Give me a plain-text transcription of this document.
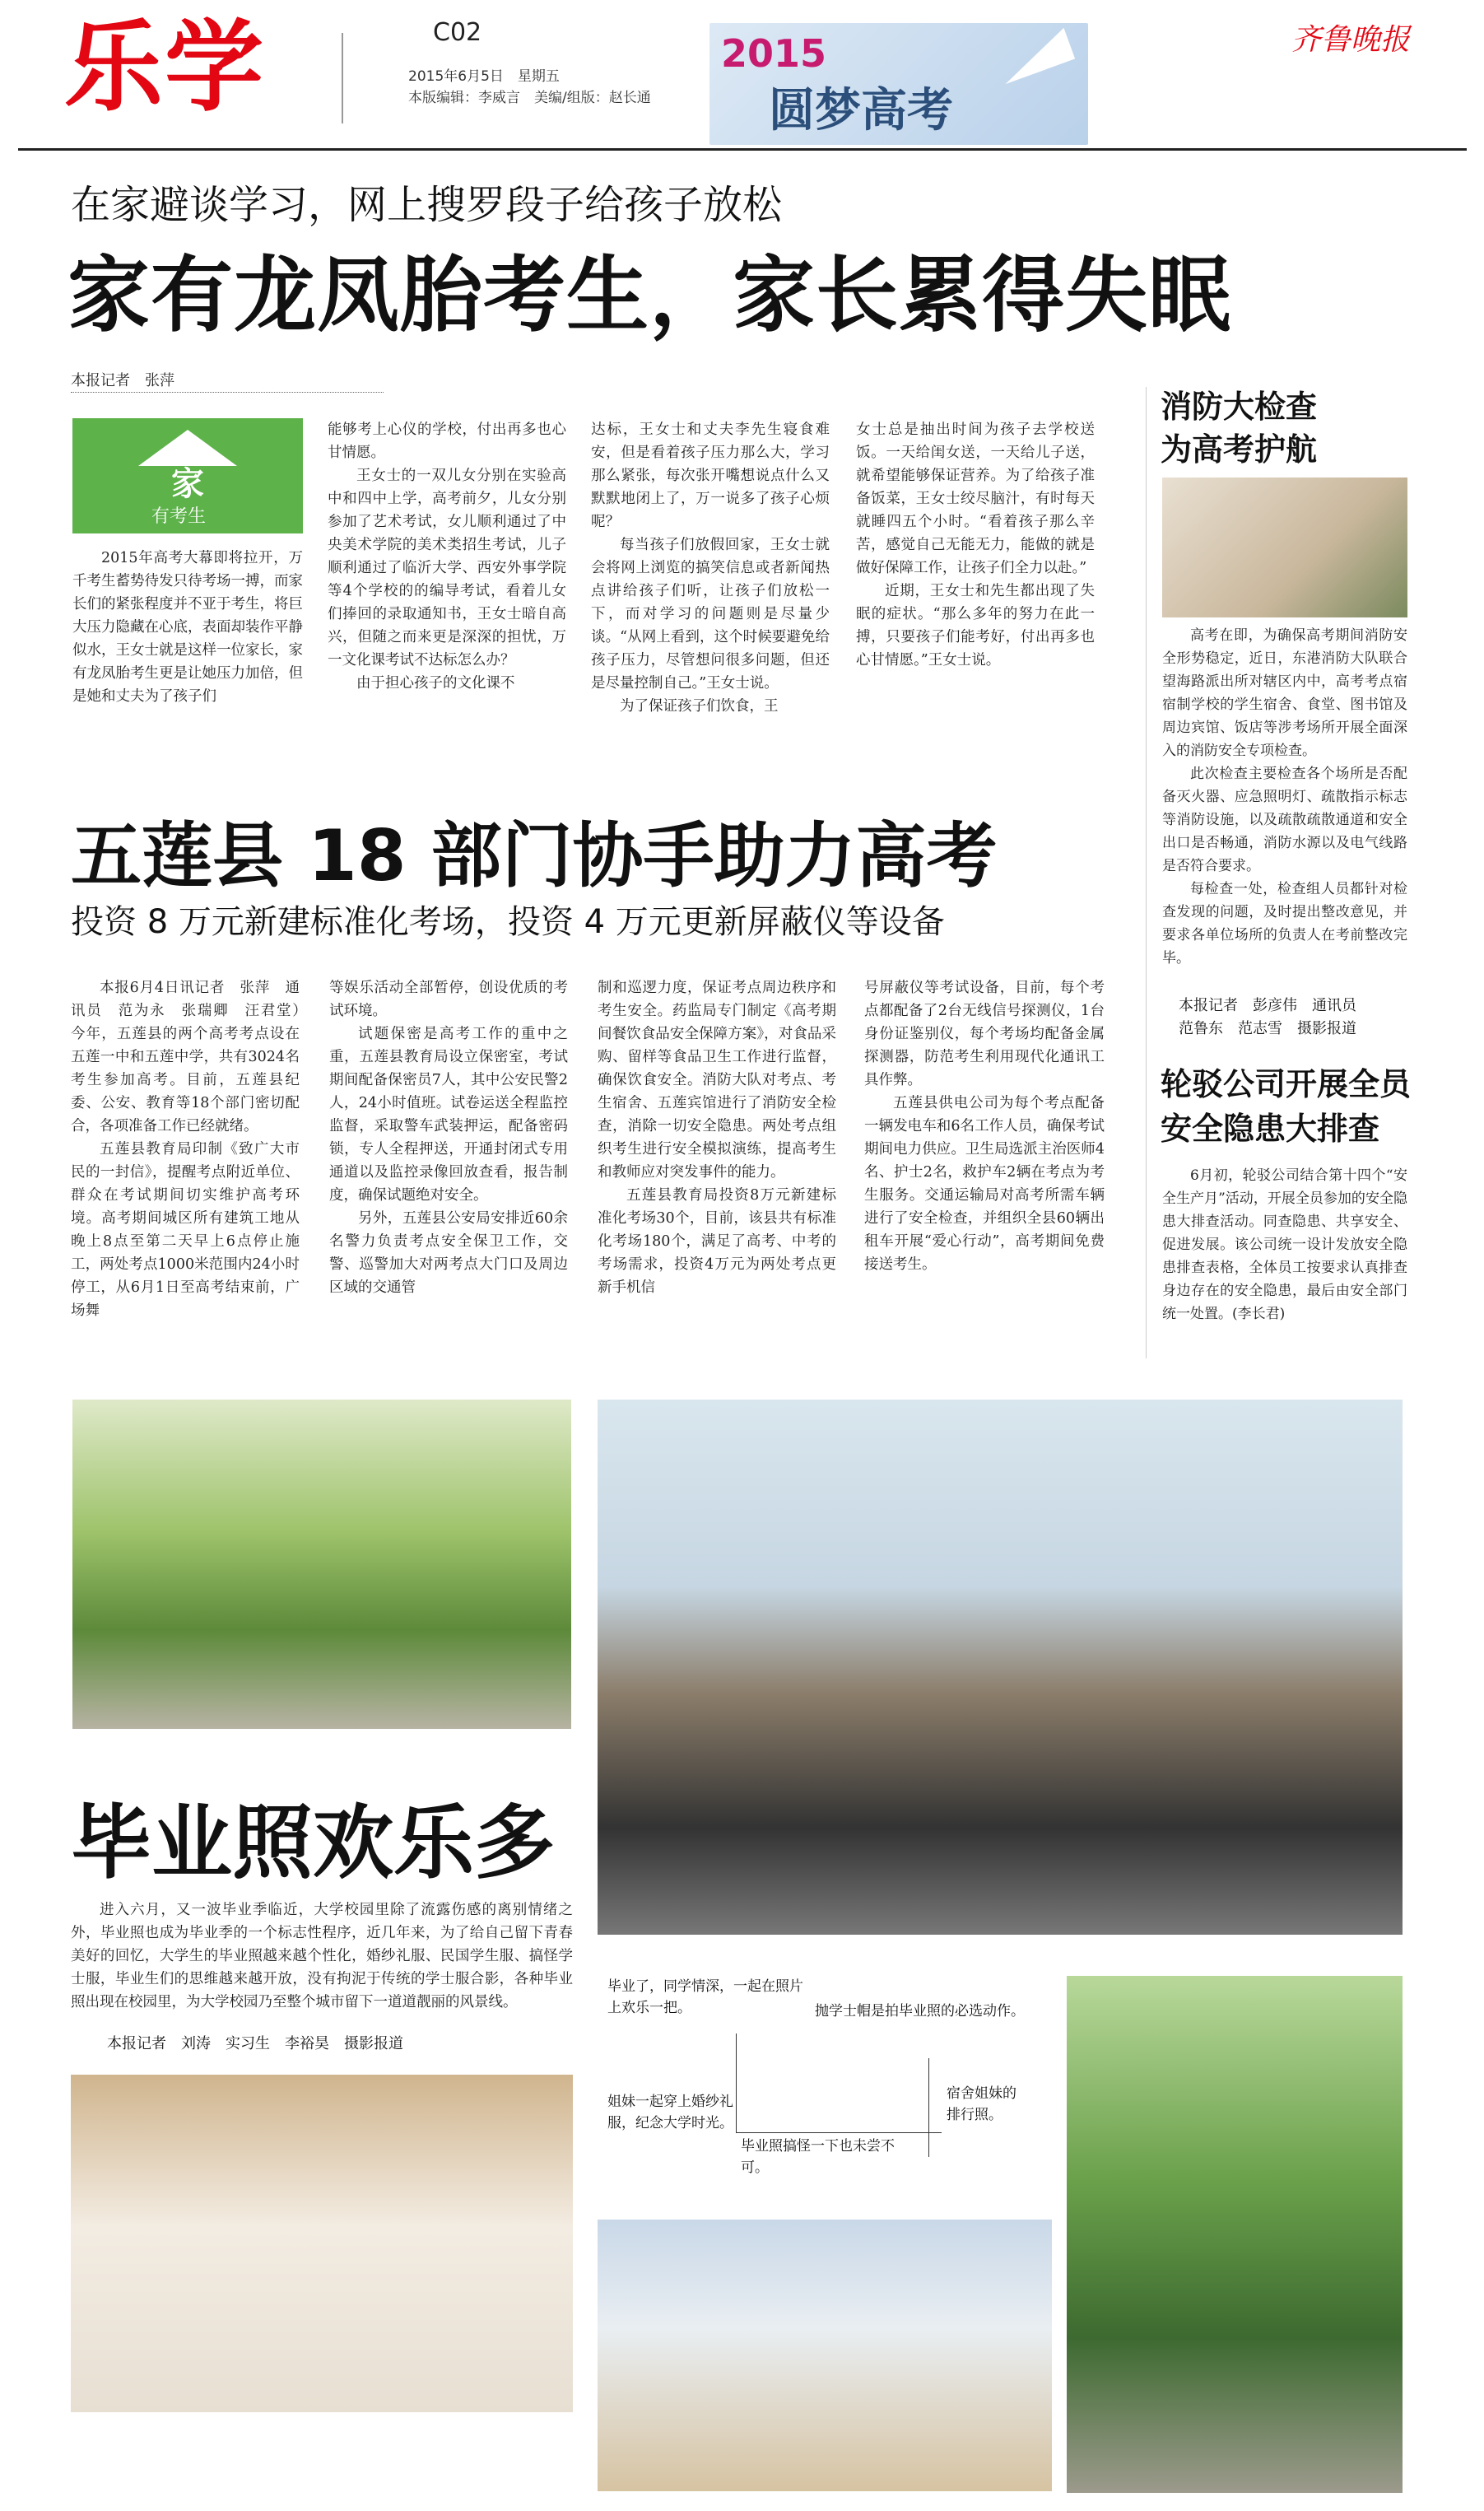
乐学	C02
2015年6月5日　星期五
本版编辑：李威言　美编/组版：赵长通
2015
圆梦高考
齐鲁晚报
在家避谈学习，网上搜罗段子给孩子放松
家有龙凤胎考生，家长累得失眠
本报记者　张萍
家
有考生

2015年高考大幕即将拉开，万千考生蓄势待发只待考场一搏，而家长们的紧张程度并不亚于考生，将巨大压力隐藏在心底，表面却装作平静似水，王女士就是这样一位家长，家有龙凤胎考生更是让她压力加倍，但是她和丈夫为了孩子们

能够考上心仪的学校，付出再多也心甘情愿。

王女士的一双儿女分别在实验高中和四中上学，高考前夕，儿女分别参加了艺术考试，女儿顺利通过了中央美术学院的美术类招生考试，儿子顺利通过了临沂大学、西安外事学院等4个学校的的编导考试，看着儿女们捧回的录取通知书，王女士暗自高兴，但随之而来更是深深的担忧，万一文化课考试不达标怎么办？

由于担心孩子的文化课不

达标，王女士和丈夫李先生寝食难安，但是看着孩子压力那么大，学习那么紧张，每次张开嘴想说点什么又默默地闭上了，万一说多了孩子心烦呢？

每当孩子们放假回家，王女士就会将网上浏览的搞笑信息或者新闻热点讲给孩子们听，让孩子们放松一下，而对学习的问题则是尽量少谈。“从网上看到，这个时候要避免给孩子压力，尽管想问很多问题，但还是尽量控制自己。”王女士说。

为了保证孩子们饮食，王

女士总是抽出时间为孩子去学校送饭。一天给闺女送，一天给儿子送，就希望能够保证营养。为了给孩子准备饭菜，王女士绞尽脑汁，有时每天就睡四五个小时。“看着孩子那么辛苦，感觉自己无能无力，能做的就是做好保障工作，让孩子们全力以赴。”

近期，王女士和先生都出现了失眠的症状。“那么多年的努力在此一搏，只要孩子们能考好，付出再多也心甘情愿。”王女士说。

消防大检查
为高考护航

高考在即，为确保高考期间消防安全形势稳定，近日，东港消防大队联合望海路派出所对辖区内中，高考考点宿宿制学校的学生宿舍、食堂、图书馆及周边宾馆、饭店等涉考场所开展全面深入的消防安全专项检查。

此次检查主要检查各个场所是否配备灭火器、应急照明灯、疏散指示标志等消防设施，以及疏散疏散通道和安全出口是否畅通，消防水源以及电气线路是否符合要求。

每检查一处，检查组人员都针对检查发现的问题，及时提出整改意见，并要求各单位场所的负责人在考前整改完毕。

本报记者　彭彦伟　通讯员
范鲁东　范志雪　摄影报道
轮驳公司开展全员
安全隐患大排查

6月初，轮驳公司结合第十四个“安全生产月”活动，开展全员参加的安全隐患大排查活动。同查隐患、共享安全、促进发展。该公司统一设计发放安全隐患排查表格，全体员工按要求认真排查身边存在的安全隐患，最后由安全部门统一处置。(李长君)

五莲县 18 部门协手助力高考
投资 8 万元新建标准化考场，投资 4 万元更新屏蔽仪等设备

本报6月4日讯记者　张萍　通讯员　范为永　张瑞卿　汪君堂）　今年，五莲县的两个高考考点设在五莲一中和五莲中学，共有3024名考生参加高考。目前，五莲县纪委、公安、教育等18个部门密切配合，各项准备工作已经就绪。

五莲县教育局印制《致广大市民的一封信》，提醒考点附近单位、群众在考试期间切实维护高考环境。高考期间城区所有建筑工地从晚上8点至第二天早上6点停止施工，两处考点1000米范围内24小时停工，从6月1日至高考结束前，广场舞

等娱乐活动全部暂停，创设优质的考试环境。

试题保密是高考工作的重中之重，五莲县教育局设立保密室，考试期间配备保密员7人，其中公安民警2人，24小时值班。试卷运送全程监控监督，采取警车武装押运，配备密码锁，专人全程押送，开通封闭式专用通道以及监控录像回放查看，报告制度，确保试题绝对安全。

另外，五莲县公安局安排近60余名警力负责考点安全保卫工作，交警、巡警加大对两考点大门口及周边区域的交通管

制和巡逻力度，保证考点周边秩序和考生安全。药监局专门制定《高考期间餐饮食品安全保障方案》，对食品采购、留样等食品卫生工作进行监督，确保饮食安全。消防大队对考点、考生宿舍、五莲宾馆进行了消防安全检查，消除一切安全隐患。两处考点组织考生进行安全模拟演练，提高考生和教师应对突发事件的能力。

五莲县教育局投资8万元新建标准化考场30个，目前，该县共有标准化考场180个，满足了高考、中考的考场需求，投资4万元为两处考点更新手机信

号屏蔽仪等考试设备，目前，每个考点都配备了2台无线信号探测仪，1台身份证鉴别仪，每个考场均配备金属探测器，防范考生利用现代化通讯工具作弊。

五莲县供电公司为每个考点配备一辆发电车和6名工作人员，确保考试期间电力供应。卫生局选派主治医师4名、护士2名，救护车2辆在考点为考生服务。交通运输局对高考所需车辆进行了安全检查，并组织全县60辆出租车开展“爱心行动”，高考期间免费接送考生。

毕业照欢乐多

进入六月，又一波毕业季临近，大学校园里除了流露伤感的离别情绪之外，毕业照也成为毕业季的一个标志性程序，近几年来，为了给自己留下青春美好的回忆，大学生的毕业照越来越个性化，婚纱礼服、民国学生服、搞怪学士服，毕业生们的思维越来越开放，没有拘泥于传统的学士服合影，各种毕业照出现在校园里，为大学校园乃至整个城市留下一道道靓丽的风景线。

本报记者　刘涛　实习生　李裕昊　摄影报道
毕业了，同学情深，一起在照片上欢乐一把。	抛学士帽是拍毕业照的必选动作。
姐妹一起穿上婚纱礼服，纪念大学时光。
毕业照搞怪一下也未尝不可。
宿舍姐妹的排行照。
